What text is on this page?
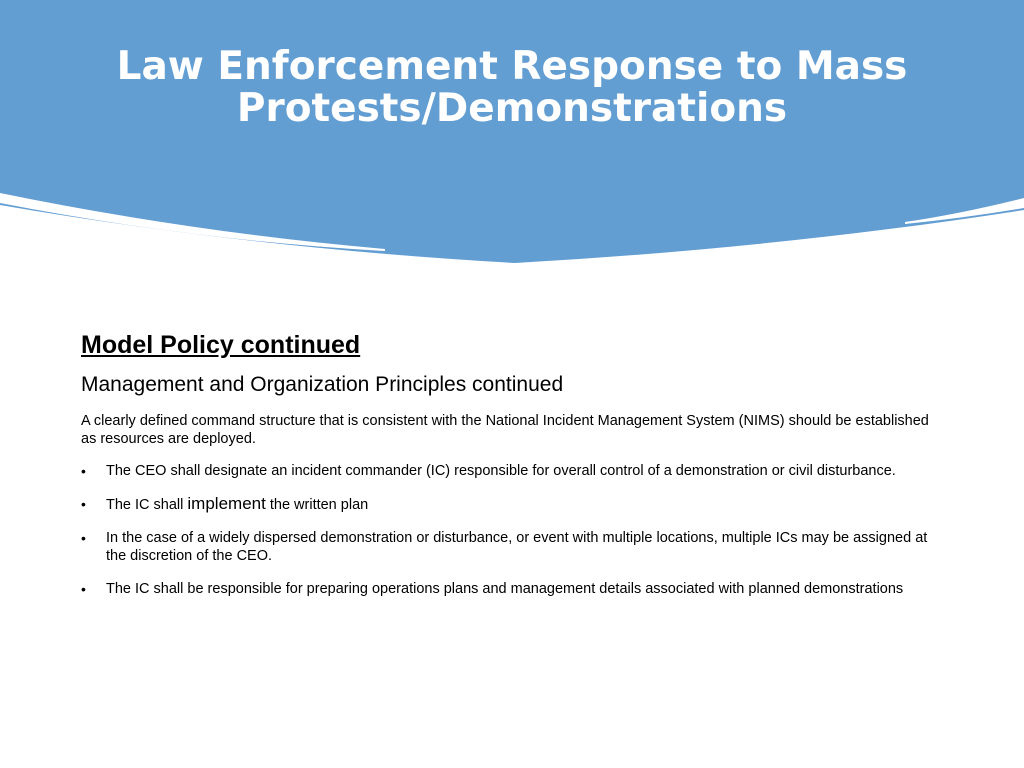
Law Enforcement Response to Mass Protests/Demonstrations
Model Policy continued
Management and Organization Principles continued

A clearly defined command structure that is consistent with the National Incident Management System (NIMS) should be established as resources are deployed.

• The CEO shall designate an incident commander (IC) responsible for overall control of a demonstration or civil disturbance.
• The IC shall implement the written plan
• In the case of a widely dispersed demonstration or disturbance, or event with multiple locations, multiple ICs may be assigned at the discretion of the CEO.
• The IC shall be responsible for preparing operations plans and management details associated with planned demonstrations
